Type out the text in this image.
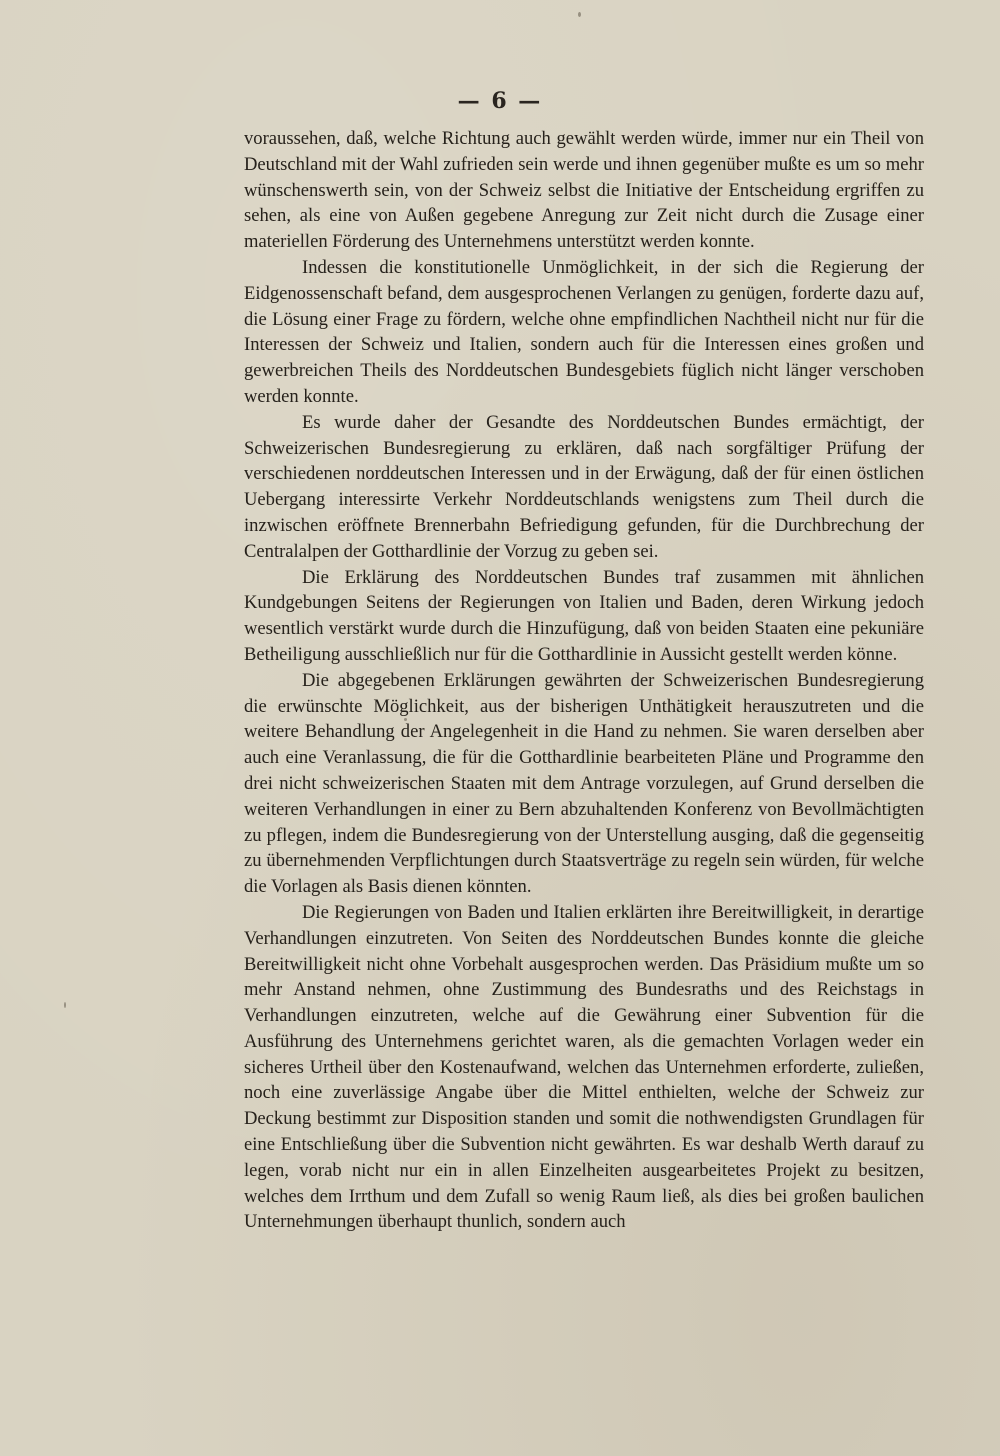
— 6 —

voraussehen, daß, welche Richtung auch gewählt werden würde, immer nur ein Theil von Deutschland mit der Wahl zufrieden sein werde und ihnen gegenüber mußte es um so mehr wünschenswerth sein, von der Schweiz selbst die Initiative der Entscheidung ergriffen zu sehen, als eine von Außen gegebene Anregung zur Zeit nicht durch die Zusage einer materiellen Förderung des Unternehmens unterstützt werden konnte.

Indessen die konstitutionelle Unmöglichkeit, in der sich die Regierung der Eidgenossenschaft befand, dem ausgesprochenen Verlangen zu genügen, forderte dazu auf, die Lösung einer Frage zu fördern, welche ohne empfindlichen Nachtheil nicht nur für die Interessen der Schweiz und Italien, sondern auch für die Interessen eines großen und gewerbreichen Theils des Norddeutschen Bundesgebiets füglich nicht länger verschoben werden konnte.

Es wurde daher der Gesandte des Norddeutschen Bundes ermächtigt, der Schweizerischen Bundesregierung zu erklären, daß nach sorgfältiger Prüfung der verschiedenen norddeutschen Interessen und in der Erwägung, daß der für einen östlichen Uebergang interessirte Verkehr Norddeutschlands wenigstens zum Theil durch die inzwischen eröffnete Brennerbahn Befriedigung gefunden, für die Durchbrechung der Centralalpen der Gotthardlinie der Vorzug zu geben sei.

Die Erklärung des Norddeutschen Bundes traf zusammen mit ähnlichen Kundgebungen Seitens der Regierungen von Italien und Baden, deren Wirkung jedoch wesentlich verstärkt wurde durch die Hinzufügung, daß von beiden Staaten eine pekuniäre Betheiligung ausschließlich nur für die Gotthardlinie in Aussicht gestellt werden könne.

Die abgegebenen Erklärungen gewährten der Schweizerischen Bundesregierung die erwünschte Möglichkeit, aus der bisherigen Unthätigkeit herauszutreten und die weitere Behandlung der Angelegenheit in die Hand zu nehmen. Sie waren derselben aber auch eine Veranlassung, die für die Gotthardlinie bearbeiteten Pläne und Programme den drei nicht schweizerischen Staaten mit dem Antrage vorzulegen, auf Grund derselben die weiteren Verhandlungen in einer zu Bern abzuhaltenden Konferenz von Bevollmächtigten zu pflegen, indem die Bundesregierung von der Unterstellung ausging, daß die gegenseitig zu übernehmenden Verpflichtungen durch Staatsverträge zu regeln sein würden, für welche die Vorlagen als Basis dienen könnten.

Die Regierungen von Baden und Italien erklärten ihre Bereitwilligkeit, in derartige Verhandlungen einzutreten. Von Seiten des Norddeutschen Bundes konnte die gleiche Bereitwilligkeit nicht ohne Vorbehalt ausgesprochen werden. Das Präsidium mußte um so mehr Anstand nehmen, ohne Zustimmung des Bundesraths und des Reichstags in Verhandlungen einzutreten, welche auf die Gewährung einer Subvention für die Ausführung des Unternehmens gerichtet waren, als die gemachten Vorlagen weder ein sicheres Urtheil über den Kostenaufwand, welchen das Unternehmen erforderte, zuließen, noch eine zuverlässige Angabe über die Mittel enthielten, welche der Schweiz zur Deckung bestimmt zur Disposition standen und somit die nothwendigsten Grundlagen für eine Entschließung über die Subvention nicht gewährten. Es war deshalb Werth darauf zu legen, vorab nicht nur ein in allen Einzelheiten ausgearbeitetes Projekt zu besitzen, welches dem Irrthum und dem Zufall so wenig Raum ließ, als dies bei großen baulichen Unternehmungen überhaupt thunlich, sondern auch
